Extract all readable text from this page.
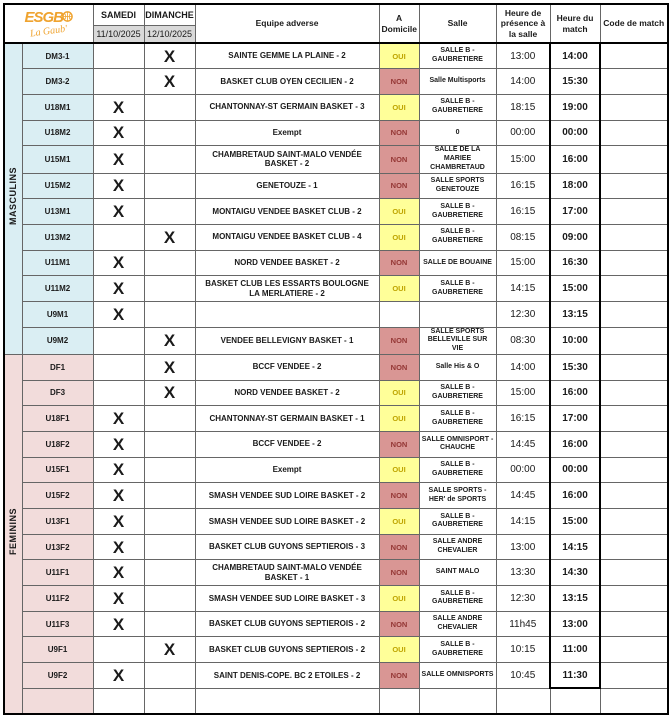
ESGB
La Gaub'		SAMEDI	DIMANCHE	Equipe adverse	A Domicile	Salle	Heure de présence à la salle	Heure du match	Code de match
		11/10/2025	12/10/2025						
MASCULINS	DM3-1		X	SAINTE GEMME LA PLAINE - 2	OUI	SALLE B - GAUBRETIERE	13:00	14:00	
	DM3-2		X	BASKET CLUB OYEN CECILIEN - 2	NON	Salle Multisports	14:00	15:30	
	U18M1	X		CHANTONNAY-ST GERMAIN BASKET - 3	OUI	SALLE B - GAUBRETIERE	18:15	19:00	
	U18M2	X		Exempt	NON	0	00:00	00:00	
	U15M1	X		CHAMBRETAUD SAINT-MALO VENDÉE BASKET - 2	NON	SALLE DE LA MARIEE CHAMBRETAUD	15:00	16:00	
	U15M2	X		GENETOUZE - 1	NON	SALLE SPORTS GENETOUZE	16:15	18:00	
	U13M1	X		MONTAIGU VENDEE BASKET CLUB - 2	OUI	SALLE B - GAUBRETIERE	16:15	17:00	
	U13M2		X	MONTAIGU VENDEE BASKET CLUB - 4	OUI	SALLE B - GAUBRETIERE	08:15	09:00	
	U11M1	X		NORD VENDEE BASKET - 2	NON	SALLE DE BOUAINE	15:00	16:30	
	U11M2	X		BASKET CLUB LES ESSARTS BOULOGNE LA MERLATIERE - 2	OUI	SALLE B - GAUBRETIERE	14:15	15:00	
	U9M1	X					12:30	13:15	
	U9M2		X	VENDEE BELLEVIGNY BASKET - 1	NON	SALLE SPORTS BELLEVILLE SUR VIE	08:30	10:00	
FEMININS	DF1		X	BCCF VENDEE - 2	NON	Salle His & O	14:00	15:30	
	DF3		X	NORD VENDEE BASKET - 2	OUI	SALLE B - GAUBRETIERE	15:00	16:00	
	U18F1	X		CHANTONNAY-ST GERMAIN BASKET - 1	OUI	SALLE B - GAUBRETIERE	16:15	17:00	
	U18F2	X		BCCF VENDEE - 2	NON	SALLE OMNISPORT - CHAUCHE	14:45	16:00	
	U15F1	X		Exempt	OUI	SALLE B - GAUBRETIERE	00:00	00:00	
	U15F2	X		SMASH VENDEE SUD LOIRE BASKET - 2	NON	SALLE SPORTS - HER' de SPORTS	14:45	16:00	
	U13F1	X		SMASH VENDEE SUD LOIRE BASKET - 2	OUI	SALLE B - GAUBRETIERE	14:15	15:00	
	U13F2	X		BASKET CLUB GUYONS SEPTIEROIS - 3	NON	SALLE ANDRE CHEVALIER	13:00	14:15	
	U11F1	X		CHAMBRETAUD SAINT-MALO VENDÉE BASKET - 1	NON	SAINT MALO	13:30	14:30	
	U11F2	X		SMASH VENDEE SUD LOIRE BASKET - 3	OUI	SALLE B - GAUBRETIERE	12:30	13:15	
	U11F3	X		BASKET CLUB GUYONS SEPTIEROIS - 2	NON	SALLE ANDRE CHEVALIER	11h45	13:00	
	U9F1		X	BASKET CLUB GUYONS SEPTIEROIS - 2	OUI	SALLE B - GAUBRETIERE	10:15	11:00	
	U9F2	X		SAINT DENIS-COPE. BC 2 ETOILES - 2	NON	SALLE OMNISPORTS	10:45	11:30	
